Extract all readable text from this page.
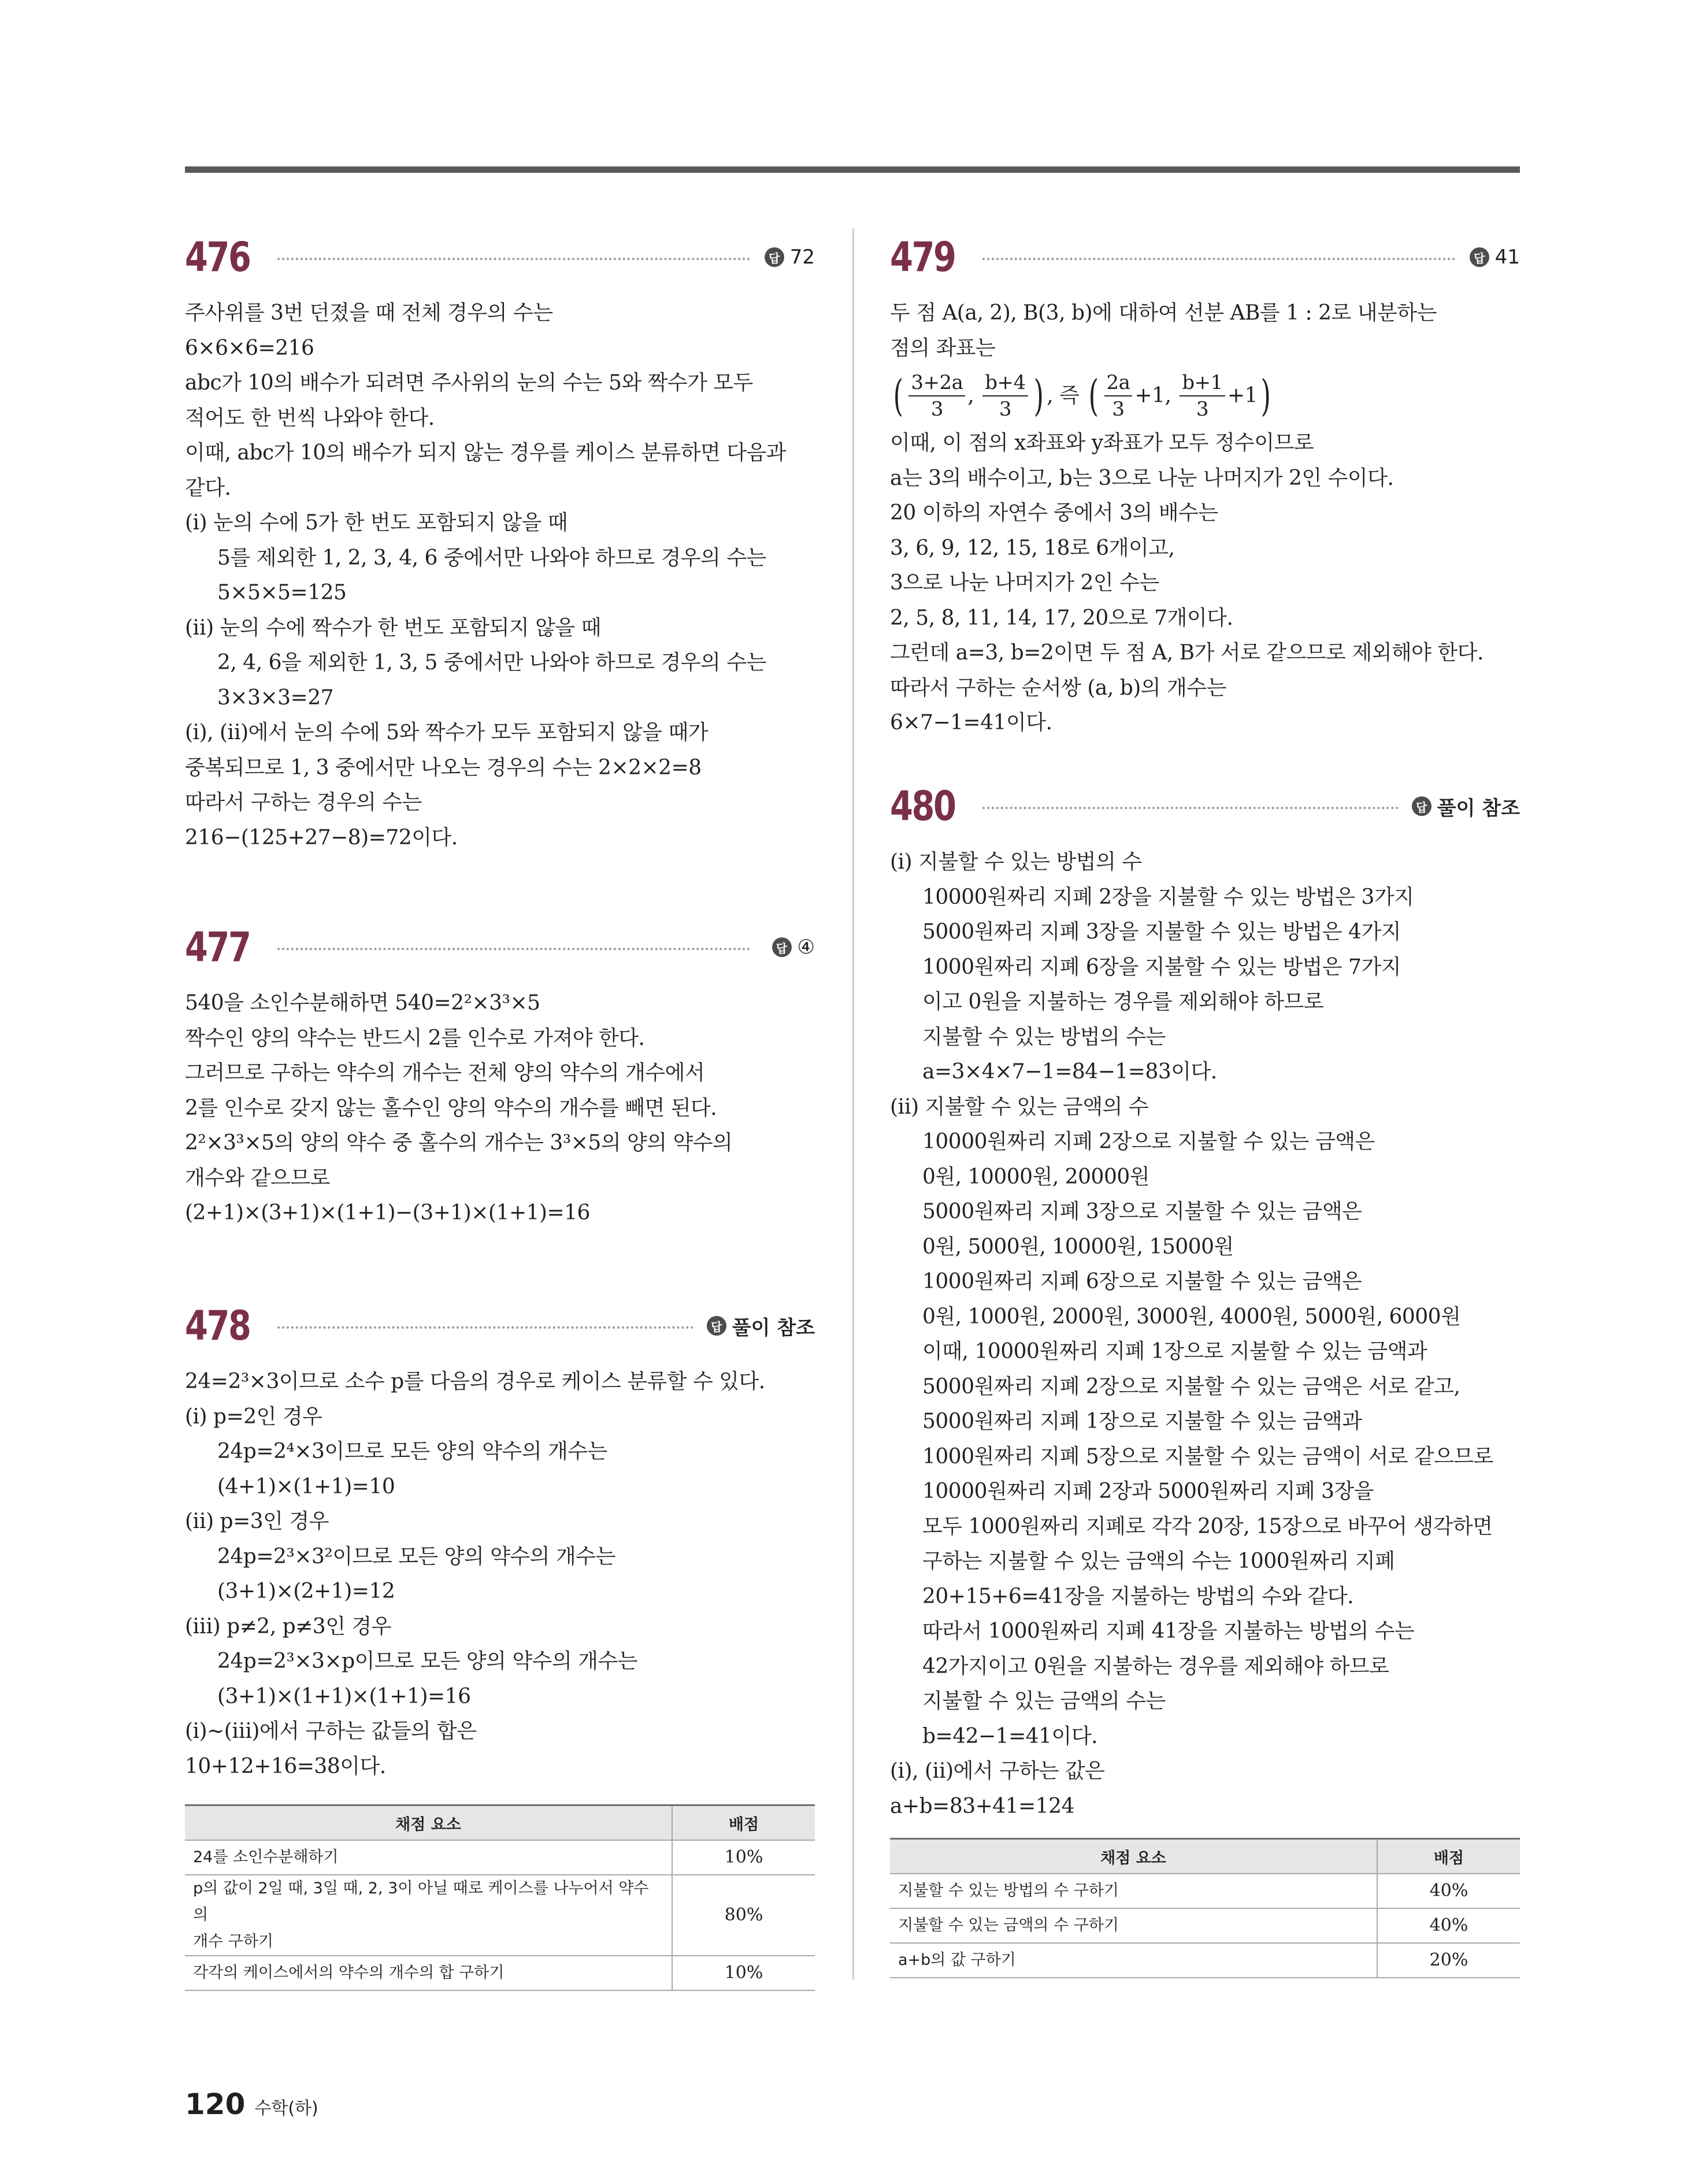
476	답 72
주사위를 3번 던졌을 때 전체 경우의 수는
6×6×6=216
abc가 10의 배수가 되려면 주사위의 눈의 수는 5와 짝수가 모두
적어도 한 번씩 나와야 한다.
이때, abc가 10의 배수가 되지 않는 경우를 케이스 분류하면 다음과
같다.
(ⅰ) 눈의 수에 5가 한 번도 포함되지 않을 때
5를 제외한 1, 2, 3, 4, 6 중에서만 나와야 하므로 경우의 수는
5×5×5=125
(ⅱ) 눈의 수에 짝수가 한 번도 포함되지 않을 때
2, 4, 6을 제외한 1, 3, 5 중에서만 나와야 하므로 경우의 수는
3×3×3=27
(ⅰ), (ⅱ)에서 눈의 수에 5와 짝수가 모두 포함되지 않을 때가
중복되므로 1, 3 중에서만 나오는 경우의 수는 2×2×2=8
따라서 구하는 경우의 수는
216−(125+27−8)=72이다.
477	답 ④
540을 소인수분해하면 540=2²×3³×5
짝수인 양의 약수는 반드시 2를 인수로 가져야 한다.
그러므로 구하는 약수의 개수는 전체 양의 약수의 개수에서
2를 인수로 갖지 않는 홀수인 양의 약수의 개수를 빼면 된다.
2²×3³×5의 양의 약수 중 홀수의 개수는 3³×5의 양의 약수의
개수와 같으므로
(2+1)×(3+1)×(1+1)−(3+1)×(1+1)=16
478	답 풀이 참조
24=2³×3이므로 소수 p를 다음의 경우로 케이스 분류할 수 있다.
(ⅰ) p=2인 경우
24p=2⁴×3이므로 모든 양의 약수의 개수는
(4+1)×(1+1)=10
(ⅱ) p=3인 경우
24p=2³×3²이므로 모든 양의 약수의 개수는
(3+1)×(2+1)=12
(ⅲ) p≠2, p≠3인 경우
24p=2³×3×p이므로 모든 양의 약수의 개수는
(3+1)×(1+1)×(1+1)=16
(ⅰ)~(ⅲ)에서 구하는 값들의 합은
10+12+16=38이다.
채점 요소	배점
24를 소인수분해하기	10%

p의 값이 2일 때, 3일 때, 2, 3이 아닐 때로 케이스를 나누어서 약수의
개수 구하기	80%
각각의 케이스에서의 약수의 개수의 합 구하기	10%
479	답 41
두 점 A(a, 2), B(3, b)에 대하여 선분 AB를 1 : 2로 내분하는
점의 좌표는
( $\frac{3+2a}{3}$ , $\frac{b+4}{3}$ ) , 즉 ( $\frac{2a}{3} +1$, $\frac{b+1}{3} +1$ )
이때, 이 점의 x좌표와 y좌표가 모두 정수이므로
a는 3의 배수이고, b는 3으로 나눈 나머지가 2인 수이다.
20 이하의 자연수 중에서 3의 배수는
3, 6, 9, 12, 15, 18로 6개이고,
3으로 나눈 나머지가 2인 수는
2, 5, 8, 11, 14, 17, 20으로 7개이다.
그런데 a=3, b=2이면 두 점 A, B가 서로 같으므로 제외해야 한다.
따라서 구하는 순서쌍 (a, b)의 개수는
6×7−1=41이다.
480	답 풀이 참조
(ⅰ) 지불할 수 있는 방법의 수
10000원짜리 지폐 2장을 지불할 수 있는 방법은 3가지
5000원짜리 지폐 3장을 지불할 수 있는 방법은 4가지
1000원짜리 지폐 6장을 지불할 수 있는 방법은 7가지
이고 0원을 지불하는 경우를 제외해야 하므로
지불할 수 있는 방법의 수는
a=3×4×7−1=84−1=83이다.
(ⅱ) 지불할 수 있는 금액의 수
10000원짜리 지폐 2장으로 지불할 수 있는 금액은
0원, 10000원, 20000원
5000원짜리 지폐 3장으로 지불할 수 있는 금액은
0원, 5000원, 10000원, 15000원
1000원짜리 지폐 6장으로 지불할 수 있는 금액은
0원, 1000원, 2000원, 3000원, 4000원, 5000원, 6000원
이때, 10000원짜리 지폐 1장으로 지불할 수 있는 금액과
5000원짜리 지폐 2장으로 지불할 수 있는 금액은 서로 같고,
5000원짜리 지폐 1장으로 지불할 수 있는 금액과
1000원짜리 지폐 5장으로 지불할 수 있는 금액이 서로 같으므로
10000원짜리 지폐 2장과 5000원짜리 지폐 3장을
모두 1000원짜리 지폐로 각각 20장, 15장으로 바꾸어 생각하면
구하는 지불할 수 있는 금액의 수는 1000원짜리 지폐
20+15+6=41장을 지불하는 방법의 수와 같다.
따라서 1000원짜리 지폐 41장을 지불하는 방법의 수는
42가지이고 0원을 지불하는 경우를 제외해야 하므로
지불할 수 있는 금액의 수는
b=42−1=41이다.
(ⅰ), (ⅱ)에서 구하는 값은
a+b=83+41=124
채점 요소	배점
지불할 수 있는 방법의 수 구하기	40%
지불할 수 있는 금액의 수 구하기	40%
a+b의 값 구하기	20%
120 수학(하)
